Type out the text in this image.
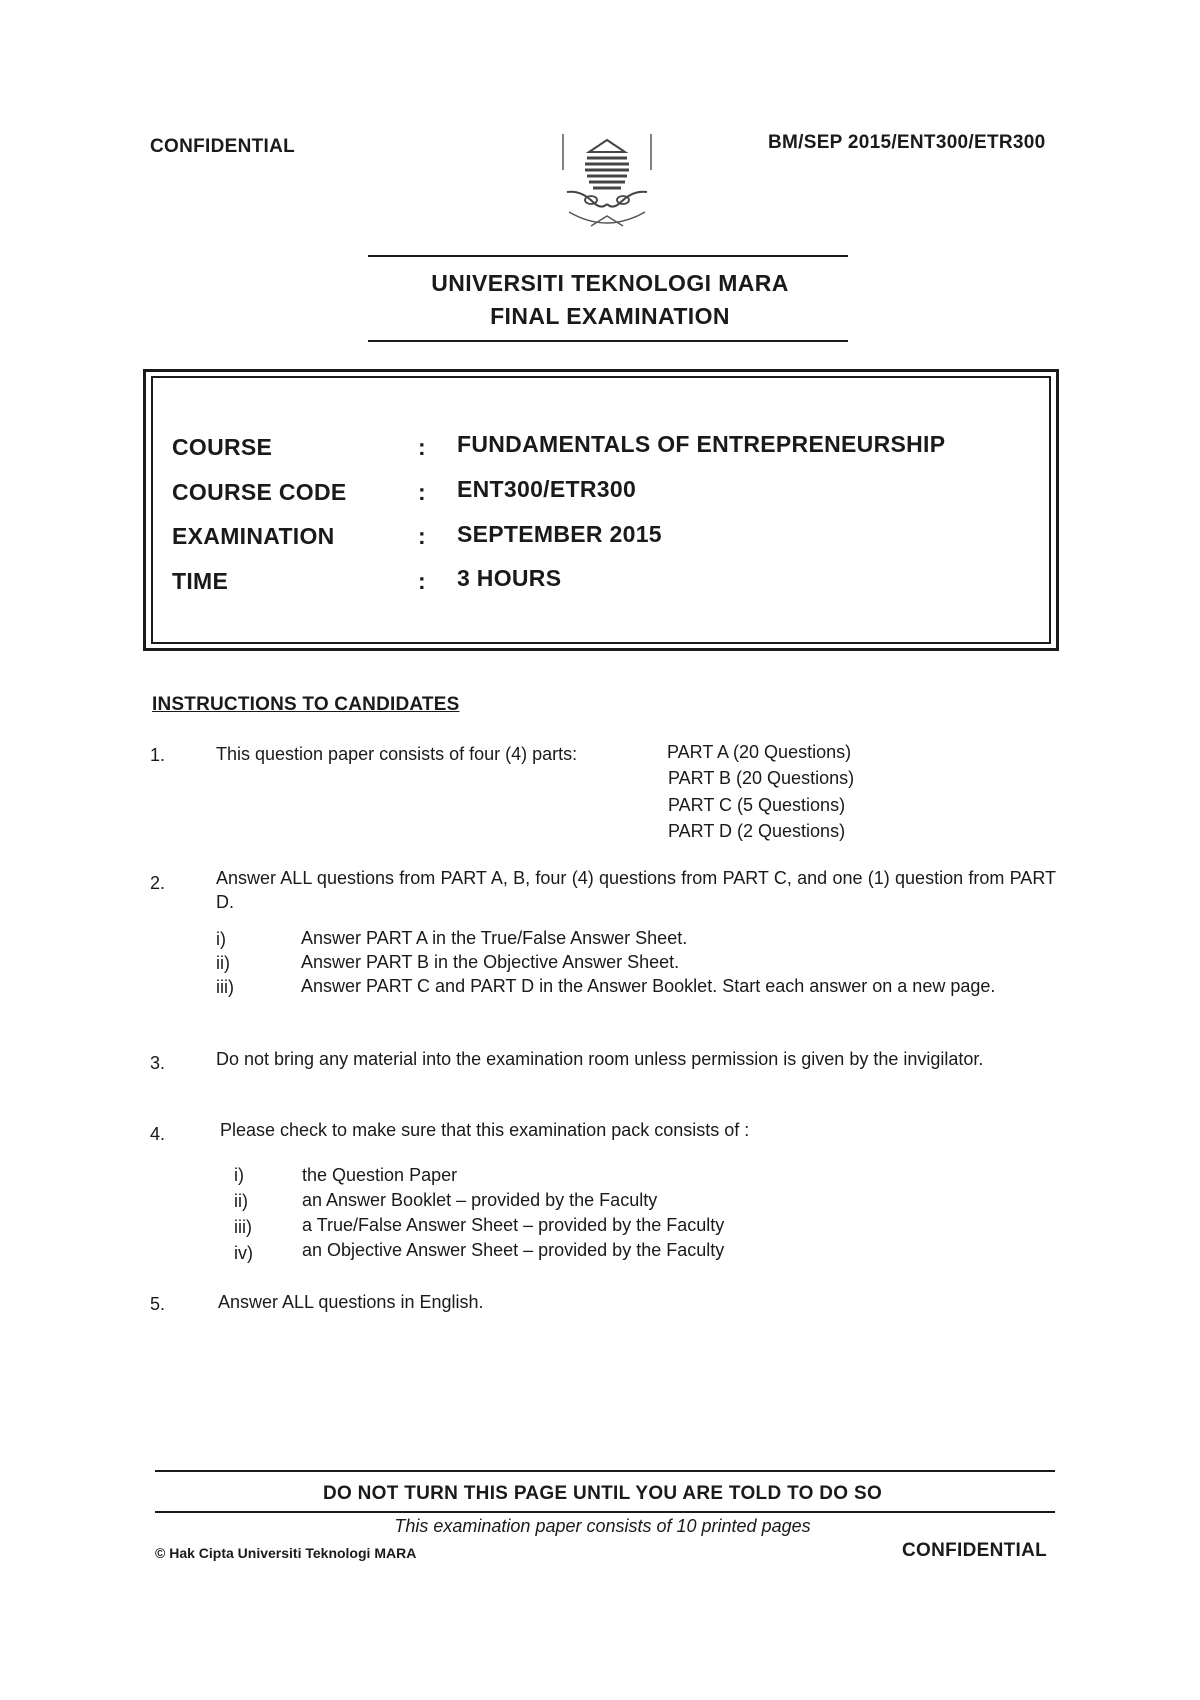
CONFIDENTIAL	BM/SEP 2015/ENT300/ETR300
UNIVERSITI TEKNOLOGI MARA
FINAL EXAMINATION
COURSE	: FUNDAMENTALS OF ENTREPRENEURSHIP
COURSE CODE	: ENT300/ETR300
EXAMINATION	: SEPTEMBER 2015
TIME	: 3 HOURS
INSTRUCTIONS TO CANDIDATES
1.	This question paper consists of four (4) parts:	PART A (20 Questions)
PART B (20 Questions)
PART C (5 Questions)
PART D (2 Questions)
2.	Answer ALL questions from PART A, B, four (4) questions from PART C, and one (1) question from PART D.
i)	Answer PART A in the True/False Answer Sheet.
ii)	Answer PART B in the Objective Answer Sheet.
iii)	Answer PART C and PART D in the Answer Booklet. Start each answer on a new page.
3.	Do not bring any material into the examination room unless permission is given by the invigilator.
4.	Please check to make sure that this examination pack consists of :
i)	the Question Paper
ii)	an Answer Booklet – provided by the Faculty
iii)	a True/False Answer Sheet – provided by the Faculty
iv)	an Objective Answer Sheet – provided by the Faculty
5.	Answer ALL questions in English.
DO NOT TURN THIS PAGE UNTIL YOU ARE TOLD TO DO SO
This examination paper consists of 10 printed pages
© Hak Cipta Universiti Teknologi MARA	CONFIDENTIAL
